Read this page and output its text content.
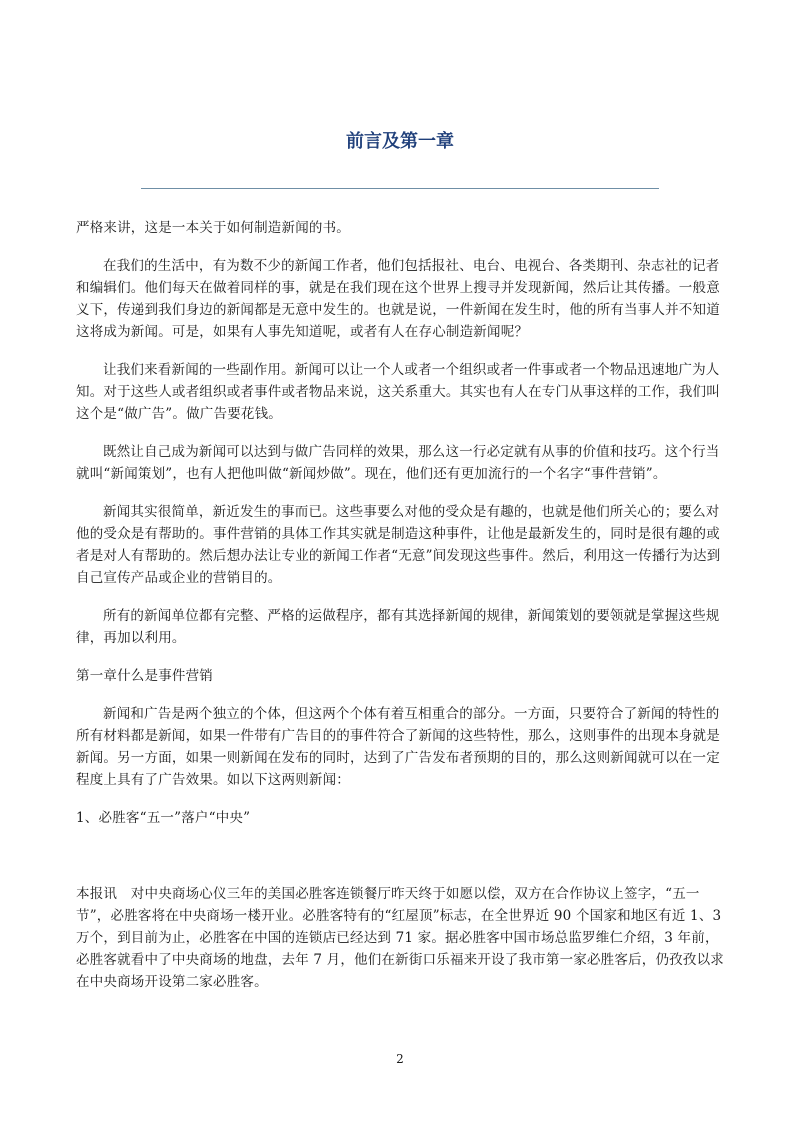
前言及第一章

严格来讲，这是一本关于如何制造新闻的书。

在我们的生活中，有为数不少的新闻工作者，他们包括报社、电台、电视台、各类期刊、杂志社的记者和编辑们。他们每天在做着同样的事，就是在我们现在这个世界上搜寻并发现新闻，然后让其传播。一般意义下，传递到我们身边的新闻都是无意中发生的。也就是说，一件新闻在发生时，他的所有当事人并不知道这将成为新闻。可是，如果有人事先知道呢，或者有人在存心制造新闻呢？

让我们来看新闻的一些副作用。新闻可以让一个人或者一个组织或者一件事或者一个物品迅速地广为人知。对于这些人或者组织或者事件或者物品来说，这关系重大。其实也有人在专门从事这样的工作，我们叫这个是“做广告”。做广告要花钱。

既然让自己成为新闻可以达到与做广告同样的效果，那么这一行必定就有从事的价值和技巧。这个行当就叫“新闻策划”，也有人把他叫做“新闻炒做”。现在，他们还有更加流行的一个名字“事件营销”。

新闻其实很简单，新近发生的事而已。这些事要么对他的受众是有趣的，也就是他们所关心的；要么对他的受众是有帮助的。事件营销的具体工作其实就是制造这种事件，让他是最新发生的，同时是很有趣的或者是对人有帮助的。然后想办法让专业的新闻工作者“无意”间发现这些事件。然后，利用这一传播行为达到自己宣传产品或企业的营销目的。

所有的新闻单位都有完整、严格的运做程序，都有其选择新闻的规律，新闻策划的要领就是掌握这些规律，再加以利用。

第一章什么是事件营销

新闻和广告是两个独立的个体，但这两个个体有着互相重合的部分。一方面，只要符合了新闻的特性的所有材料都是新闻，如果一件带有广告目的的事件符合了新闻的这些特性，那么，这则事件的出现本身就是新闻。另一方面，如果一则新闻在发布的同时，达到了广告发布者预期的目的，那么这则新闻就可以在一定程度上具有了广告效果。如以下这两则新闻：

1、必胜客“五一”落户“中央”

本报讯　对中央商场心仪三年的美国必胜客连锁餐厅昨天终于如愿以偿，双方在合作协议上签字，“五一节”，必胜客将在中央商场一楼开业。必胜客特有的“红屋顶”标志，在全世界近 90 个国家和地区有近 1、3 万个，到目前为止，必胜客在中国的连锁店已经达到 71 家。据必胜客中国市场总监罗维仁介绍，3 年前，必胜客就看中了中央商场的地盘，去年 7 月，他们在新街口乐福来开设了我市第一家必胜客后，仍孜孜以求在中央商场开设第二家必胜客。

2
